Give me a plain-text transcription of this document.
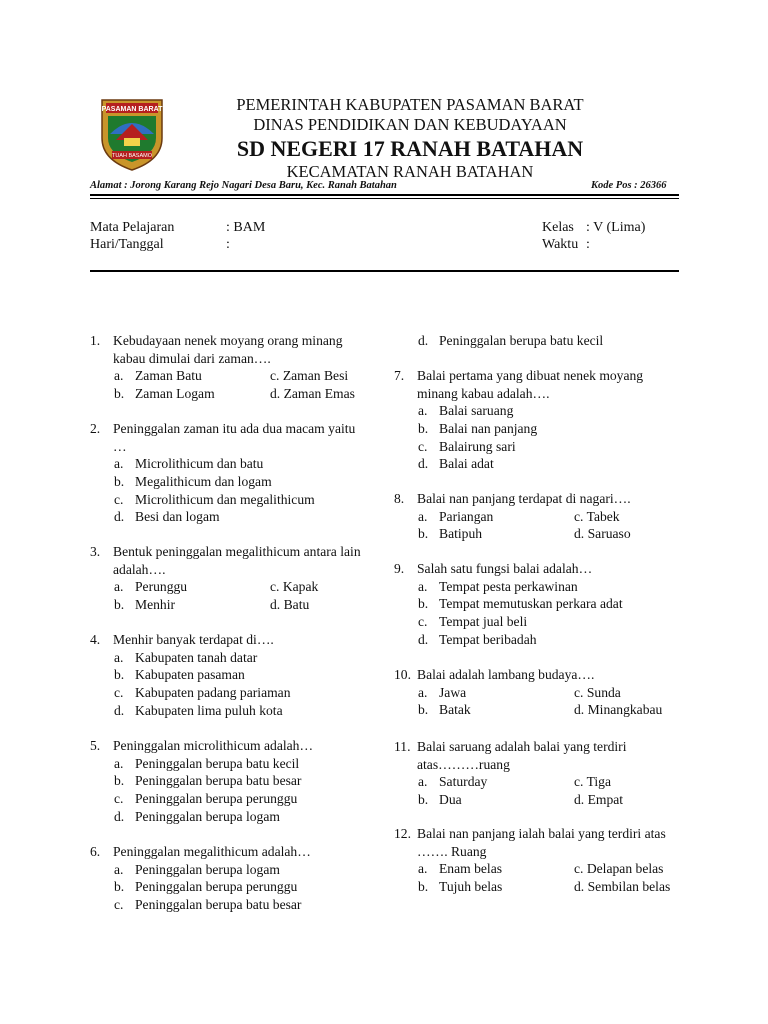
PASAMAN BARAT
TUAH BASAMO
PEMERINTAH KABUPATEN PASAMAN BARAT
DINAS PENDIDIKAN DAN KEBUDAYAAN
SD NEGERI 17 RANAH BATAHAN
KECAMATAN RANAH BATAHAN
Alamat : Jorong Karang Rejo Nagari Desa Baru, Kec. Ranah Batahan	Kode Pos : 26366
Mata Pelajaran	: BAM
Hari/Tanggal	:
Kelas : V (Lima)
Waktu :
1. Kebudayaan nenek moyang orang minang
kabau dimulai dari zaman….
a. Zaman Batu	c. Zaman Besi
b. Zaman Logam	d. Zaman Emas
2. Peninggalan zaman itu ada dua macam yaitu
…
a. Microlithicum dan batu
b. Megalithicum dan logam
c. Microlithicum dan megalithicum
d. Besi dan logam
3. Bentuk peninggalan megalithicum antara lain
adalah….
a. Perunggu	c. Kapak
b. Menhir	d. Batu
4. Menhir banyak terdapat di….
a. Kabupaten tanah datar
b. Kabupaten pasaman
c. Kabupaten padang pariaman
d. Kabupaten lima puluh kota
5. Peninggalan microlithicum adalah…
a. Peninggalan berupa batu kecil
b. Peninggalan berupa batu besar
c. Peninggalan berupa perunggu
d. Peninggalan berupa logam
6. Peninggalan megalithicum adalah…
a. Peninggalan berupa logam
b. Peninggalan berupa perunggu
c. Peninggalan berupa batu besar
d. Peninggalan berupa batu kecil
7. Balai pertama yang dibuat nenek moyang
minang kabau adalah….
a. Balai saruang
b. Balai nan panjang
c. Balairung sari
d. Balai adat
8. Balai nan panjang terdapat di nagari….
a. Pariangan	c. Tabek
b. Batipuh	d. Saruaso
9. Salah satu fungsi balai adalah…
a. Tempat pesta perkawinan
b. Tempat memutuskan perkara adat
c. Tempat jual beli
d. Tempat beribadah
10. Balai adalah lambang budaya….
a. Jawa	c. Sunda
b. Batak	d. Minangkabau
11. Balai saruang adalah balai yang terdiri
atas………ruang
a. Saturday	c. Tiga
b. Dua	d. Empat
12. Balai nan panjang ialah balai yang terdiri atas
……. Ruang
a. Enam belas	c. Delapan belas
b. Tujuh belas	d. Sembilan belas
